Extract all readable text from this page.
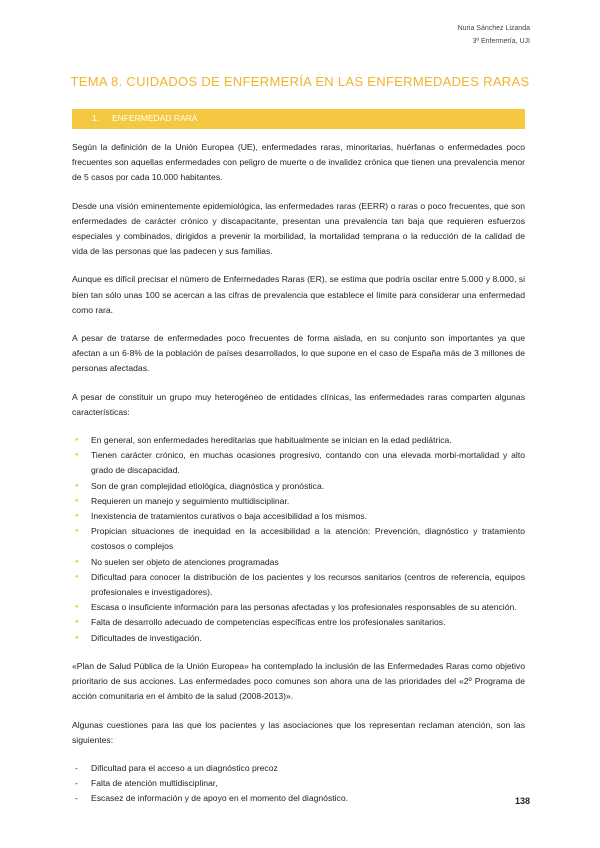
Nuria Sánchez Lizanda
3º Enfermería, UJI
TEMA 8. CUIDADOS DE ENFERMERÍA EN LAS ENFERMEDADES RARAS
1. ENFERMEDAD RARA

Según la definición de la Unión Europea (UE), enfermedades raras, minoritarias, huérfanas o enfermedades poco frecuentes son aquellas enfermedades con peligro de muerte o de invalidez crónica que tienen una prevalencia menor de 5 casos por cada 10.000 habitantes.

Desde una visión eminentemente epidemiológica, las enfermedades raras (EERR) o raras o poco frecuentes, que son enfermedades de carácter crónico y discapacitante, presentan una prevalencia tan baja que requieren esfuerzos especiales y combinados, dirigidos a prevenir la morbilidad, la mortalidad temprana o la reducción de la calidad de vida de las personas que las padecen y sus familias.

Aunque es difícil precisar el número de Enfermedades Raras (ER), se estima que podría oscilar entre 5.000 y 8.000, si bien tan sólo unas 100 se acercan a las cifras de prevalencia que establece el límite para considerar una enfermedad como rara.

A pesar de tratarse de enfermedades poco frecuentes de forma aislada, en su conjunto son importantes ya que afectan a un 6-8% de la población de países desarrollados, lo que supone en el caso de España más de 3 millones de personas afectadas.

A pesar de constituir un grupo muy heterogéneo de entidades clínicas, las enfermedades raras comparten algunas características:

● En general, son enfermedades hereditarias que habitualmente se inician en la edad pediátrica.
● Tienen carácter crónico, en muchas ocasiones progresivo, contando con una elevada morbi-mortalidad y alto grado de discapacidad.
● Son de gran complejidad etiológica, diagnóstica y pronóstica.
● Requieren un manejo y seguimiento multidisciplinar.
● Inexistencia de tratamientos curativos o baja accesibilidad a los mismos.
● Propician situaciones de inequidad en la accesibilidad a la atención: Prevención, diagnóstico y tratamiento costosos o complejos
● No suelen ser objeto de atenciones programadas
● Dificultad para conocer la distribución de los pacientes y los recursos sanitarios (centros de referencia, equipos profesionales e investigadores).
● Escasa o insuficiente información para las personas afectadas y los profesionales responsables de su atención.
● Falta de desarrollo adecuado de competencias específicas entre los profesionales sanitarios.
● Dificultades de investigación.

«Plan de Salud Pública de la Unión Europea» ha contemplado la inclusión de las Enfermedades Raras como objetivo prioritario de sus acciones. Las enfermedades poco comunes son ahora una de las prioridades del «2º Programa de acción comunitaria en el ámbito de la salud (2008-2013)».

Algunas cuestiones para las que los pacientes y las asociaciones que los representan reclaman atención, son las siguientes:

- Dificultad para el acceso a un diagnóstico precoz
- Falta de atención multidisciplinar,
- Escasez de información y de apoyo en el momento del diagnóstico.	138
